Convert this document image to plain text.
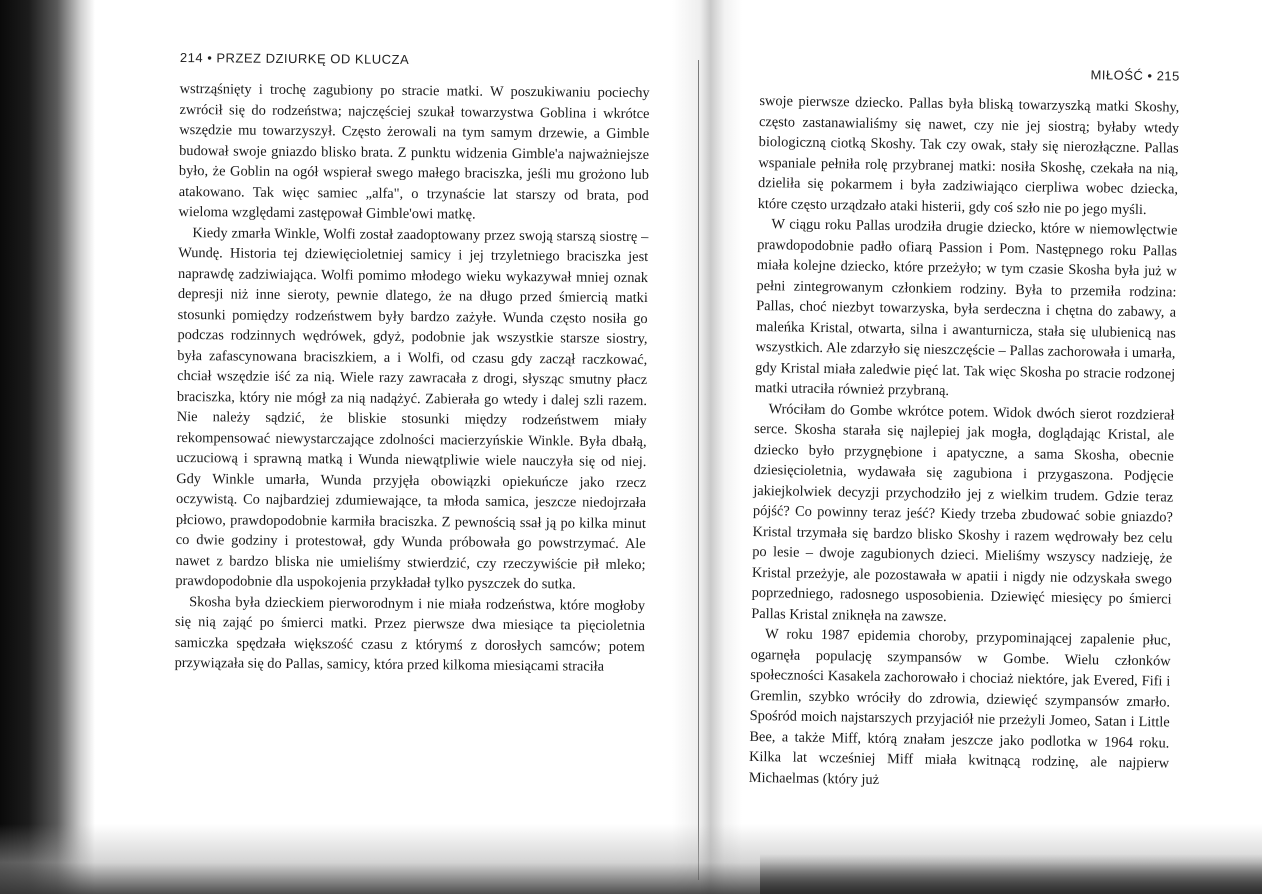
214 • PRZEZ DZIURKĘ OD KLUCZA

wstrząśnięty i trochę zagubiony po stracie matki. W poszukiwaniu pociechy zwrócił się do rodzeństwa; najczęściej szukał towarzystwa Goblina i wkrótce wszędzie mu towarzyszył. Często żerowali na tym samym drzewie, a Gimble budował swoje gniazdo blisko brata. Z punktu widzenia Gimble'a najważniejsze było, że Goblin na ogół wspierał swego małego braciszka, jeśli mu grożono lub atakowano. Tak więc samiec „alfa", o trzynaście lat starszy od brata, pod wieloma względami zastępował Gimble'owi matkę.

Kiedy zmarła Winkle, Wolfi został zaadoptowany przez swoją starszą siostrę – Wundę. Historia tej dziewięcioletniej samicy i jej trzyletniego braciszka jest naprawdę zadziwiająca. Wolfi pomimo młodego wieku wykazywał mniej oznak depresji niż inne sieroty, pewnie dlatego, że na długo przed śmiercią matki stosunki pomiędzy rodzeństwem były bardzo zażyłe. Wunda często nosiła go podczas rodzinnych wędrówek, gdyż, podobnie jak wszystkie starsze siostry, była zafascynowana braciszkiem, a i Wolfi, od czasu gdy zaczął raczkować, chciał wszędzie iść za nią. Wiele razy zawracała z drogi, słysząc smutny płacz braciszka, który nie mógł za nią nadążyć. Zabierała go wtedy i dalej szli razem. Nie należy sądzić, że bliskie stosunki między rodzeństwem miały rekompensować niewystarczające zdolności macierzyńskie Winkle. Była dbałą, uczuciową i sprawną matką i Wunda niewątpliwie wiele nauczyła się od niej. Gdy Winkle umarła, Wunda przyjęła obowiązki opiekuńcze jako rzecz oczywistą. Co najbardziej zdumiewające, ta młoda samica, jeszcze niedojrzała płciowo, prawdopodobnie karmiła braciszka. Z pewnością ssał ją po kilka minut co dwie godziny i protestował, gdy Wunda próbowała go powstrzymać. Ale nawet z bardzo bliska nie umieliśmy stwierdzić, czy rzeczywiście pił mleko; prawdopodobnie dla uspokojenia przykładał tylko pyszczek do sutka.

Skosha była dzieckiem pierworodnym i nie miała rodzeństwa, które mogłoby się nią zająć po śmierci matki. Przez pierwsze dwa miesiące ta pięcioletnia samiczka spędzała większość czasu z którymś z dorosłych samców; potem przywiązała się do Pallas, samicy, która przed kilkoma miesiącami straciła

MIŁOŚĆ • 215

swoje pierwsze dziecko. Pallas była bliską towarzyszką matki Skoshy, często zastanawialiśmy się nawet, czy nie jej siostrą; byłaby wtedy biologiczną ciotką Skoshy. Tak czy owak, stały się nierozłączne. Pallas wspaniale pełniła rolę przybranej matki: nosiła Skoshę, czekała na nią, dzieliła się pokarmem i była zadziwiająco cierpliwa wobec dziecka, które często urządzało ataki histerii, gdy coś szło nie po jego myśli.

W ciągu roku Pallas urodziła drugie dziecko, które w niemowlęctwie prawdopodobnie padło ofiarą Passion i Pom. Następnego roku Pallas miała kolejne dziecko, które przeżyło; w tym czasie Skosha była już w pełni zintegrowanym członkiem rodziny. Była to przemiła rodzina: Pallas, choć niezbyt towarzyska, była serdeczna i chętna do zabawy, a maleńka Kristal, otwarta, silna i awanturnicza, stała się ulubienicą nas wszystkich. Ale zdarzyło się nieszczęście – Pallas zachorowała i umarła, gdy Kristal miała zaledwie pięć lat. Tak więc Skosha po stracie rodzonej matki utraciła również przybraną.

Wróciłam do Gombe wkrótce potem. Widok dwóch sierot rozdzierał serce. Skosha starała się najlepiej jak mogła, doglądając Kristal, ale dziecko było przygnębione i apatyczne, a sama Skosha, obecnie dziesięcioletnia, wydawała się zagubiona i przygaszona. Podjęcie jakiejkolwiek decyzji przychodziło jej z wielkim trudem. Gdzie teraz pójść? Co powinny teraz jeść? Kiedy trzeba zbudować sobie gniazdo? Kristal trzymała się bardzo blisko Skoshy i razem wędrowały bez celu po lesie – dwoje zagubionych dzieci. Mieliśmy wszyscy nadzieję, że Kristal przeżyje, ale pozostawała w apatii i nigdy nie odzyskała swego poprzedniego, radosnego usposobienia. Dziewięć miesięcy po śmierci Pallas Kristal zniknęła na zawsze.

W roku 1987 epidemia choroby, przypominającej zapalenie płuc, ogarnęła populację szympansów w Gombe. Wielu członków społeczności Kasakela zachorowało i chociaż niektóre, jak Evered, Fifi i Gremlin, szybko wróciły do zdrowia, dziewięć szympansów zmarło. Spośród moich najstarszych przyjaciół nie przeżyli Jomeo, Satan i Little Bee, a także Miff, którą znałam jeszcze jako podlotka w 1964 roku. Kilka lat wcześniej Miff miała kwitnącą rodzinę, ale najpierw Michaelmas (który już
